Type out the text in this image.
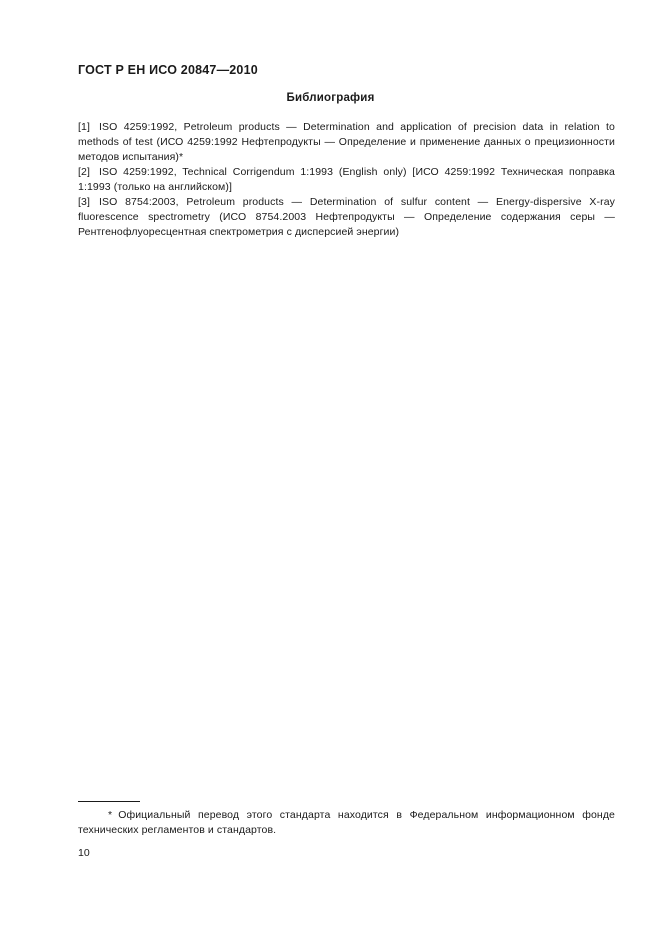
ГОСТ Р ЕН ИСО 20847—2010
Библиография

[1] ISO 4259:1992, Petroleum products — Determination and application of precision data in relation to methods of test (ИСО 4259:1992 Нефтепродукты — Определение и применение данных о прецизионности методов испытания)*

[2] ISO 4259:1992, Technical Corrigendum 1:1993 (English only) [ИСО 4259:1992 Техническая поправка 1:1993 (только на английском)]

[3] ISO 8754:2003, Petroleum products — Determination of sulfur content — Energy-dispersive X-ray fluorescence spectrometry (ИСО 8754.2003 Нефтепродукты — Определение содержания серы — Рентгенофлуоресцентная спектрометрия с дисперсией энергии)

* Официальный перевод этого стандарта находится в Федеральном информационном фонде технических регламентов и стандартов.

10
